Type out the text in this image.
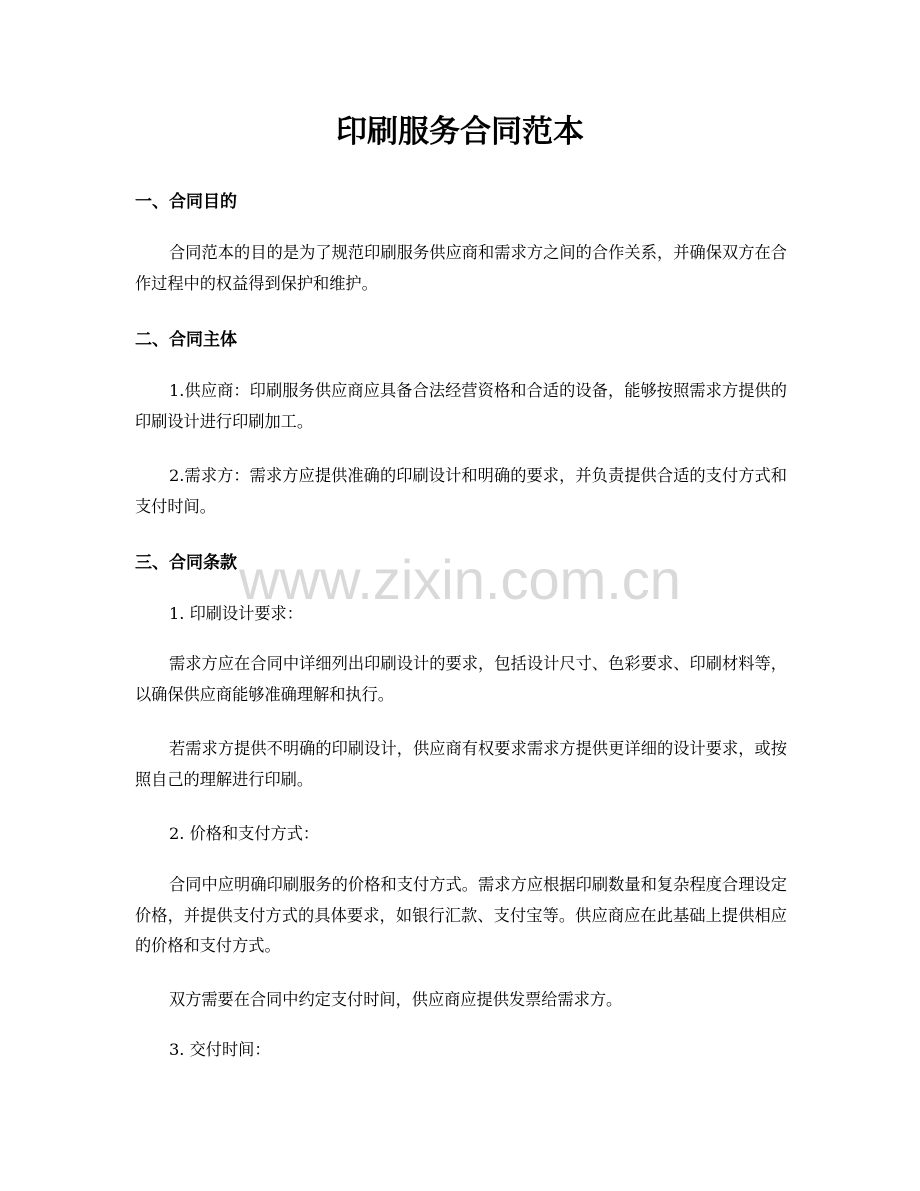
www.zixin.com.cn
印刷服务合同范本
一、合同目的

合同范本的目的是为了规范印刷服务供应商和需求方之间的合作关系，并确保双方在合作过程中的权益得到保护和维护。

二、合同主体

1.供应商：印刷服务供应商应具备合法经营资格和合适的设备，能够按照需求方提供的印刷设计进行印刷加工。

2.需求方：需求方应提供准确的印刷设计和明确的要求，并负责提供合适的支付方式和支付时间。

三、合同条款

1. 印刷设计要求：

需求方应在合同中详细列出印刷设计的要求，包括设计尺寸、色彩要求、印刷材料等，以确保供应商能够准确理解和执行。

若需求方提供不明确的印刷设计，供应商有权要求需求方提供更详细的设计要求，或按照自己的理解进行印刷。

2. 价格和支付方式：

合同中应明确印刷服务的价格和支付方式。需求方应根据印刷数量和复杂程度合理设定价格，并提供支付方式的具体要求，如银行汇款、支付宝等。供应商应在此基础上提供相应的价格和支付方式。

双方需要在合同中约定支付时间，供应商应提供发票给需求方。

3. 交付时间：
